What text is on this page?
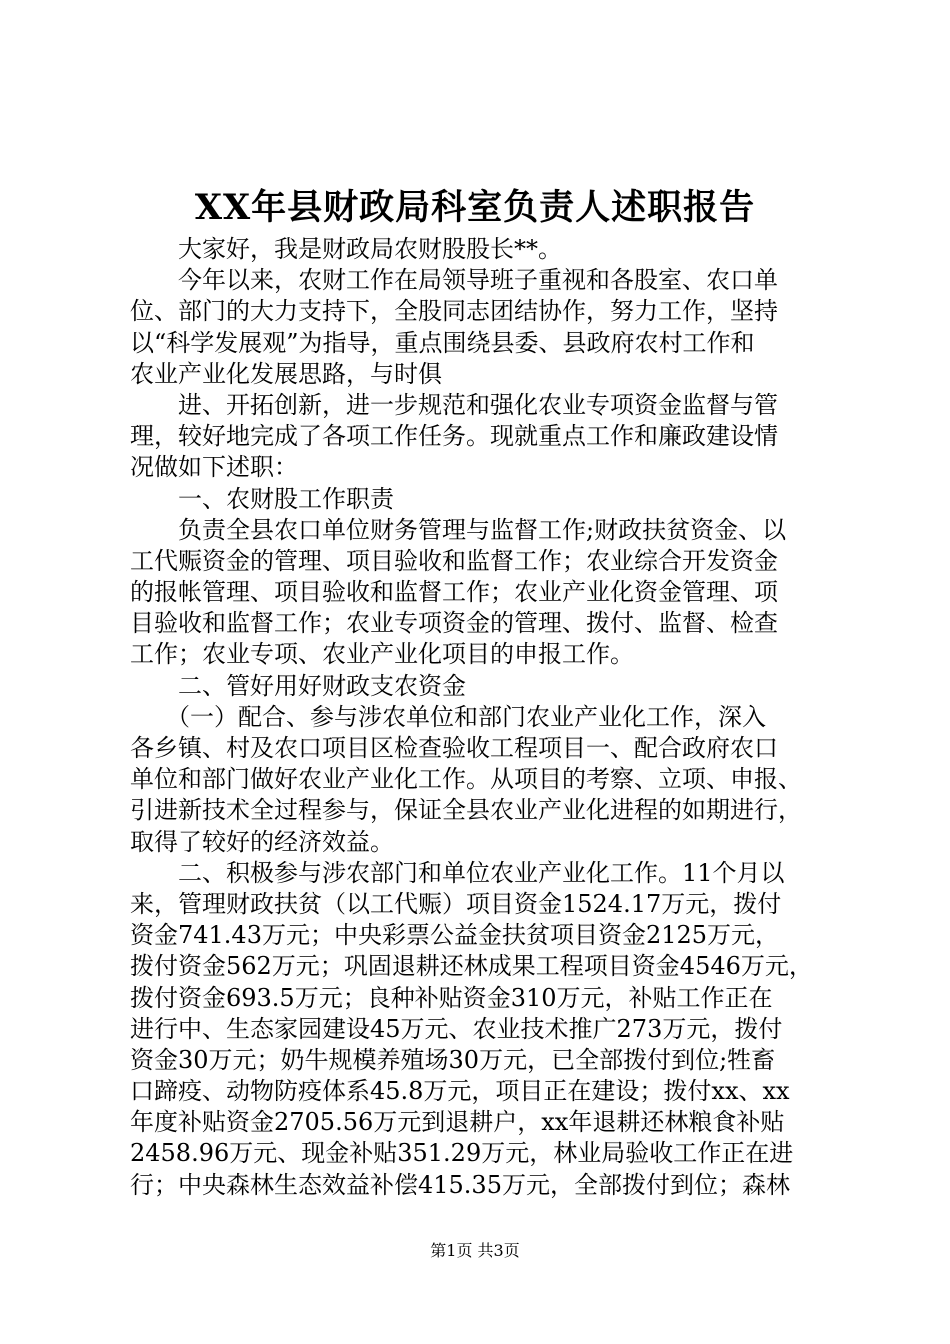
XX年县财政局科室负责人述职报告
　　大家好，我是财政局农财股股长**。
　　今年以来，农财工作在局领导班子重视和各股室、农口单
位、部门的大力支持下，全股同志团结协作，努力工作，坚持
以“科学发展观”为指导，重点围绕县委、县政府农村工作和
农业产业化发展思路，与时俱
　　进、开拓创新，进一步规范和强化农业专项资金监督与管
理，较好地完成了各项工作任务。现就重点工作和廉政建设情
况做如下述职：
　　一、农财股工作职责
　　负责全县农口单位财务管理与监督工作;财政扶贫资金、以
工代赈资金的管理、项目验收和监督工作；农业综合开发资金
的报帐管理、项目验收和监督工作；农业产业化资金管理、项
目验收和监督工作；农业专项资金的管理、拨付、监督、检查
工作；农业专项、农业产业化项目的申报工作。
　　二、管好用好财政支农资金
　　（一）配合、参与涉农单位和部门农业产业化工作，深入
各乡镇、村及农口项目区检查验收工程项目一、配合政府农口
单位和部门做好农业产业化工作。从项目的考察、立项、申报、
引进新技术全过程参与，保证全县农业产业化进程的如期进行，
取得了较好的经济效益。
　　二、积极参与涉农部门和单位农业产业化工作。11个月以
来，管理财政扶贫（以工代赈）项目资金1524.17万元，拨付
资金741.43万元；中央彩票公益金扶贫项目资金2125万元，
拨付资金562万元；巩固退耕还林成果工程项目资金4546万元，
拨付资金693.5万元；良种补贴资金310万元，补贴工作正在
进行中、生态家园建设45万元、农业技术推广273万元，拨付
资金30万元；奶牛规模养殖场30万元，已全部拨付到位;牲畜
口蹄疫、动物防疫体系45.8万元，项目正在建设；拨付xx、xx
年度补贴资金2705.56万元到退耕户，xx年退耕还林粮食补贴
2458.96万元、现金补贴351.29万元，林业局验收工作正在进
行；中央森林生态效益补偿415.35万元，全部拨付到位；森林
第1页 共3页
